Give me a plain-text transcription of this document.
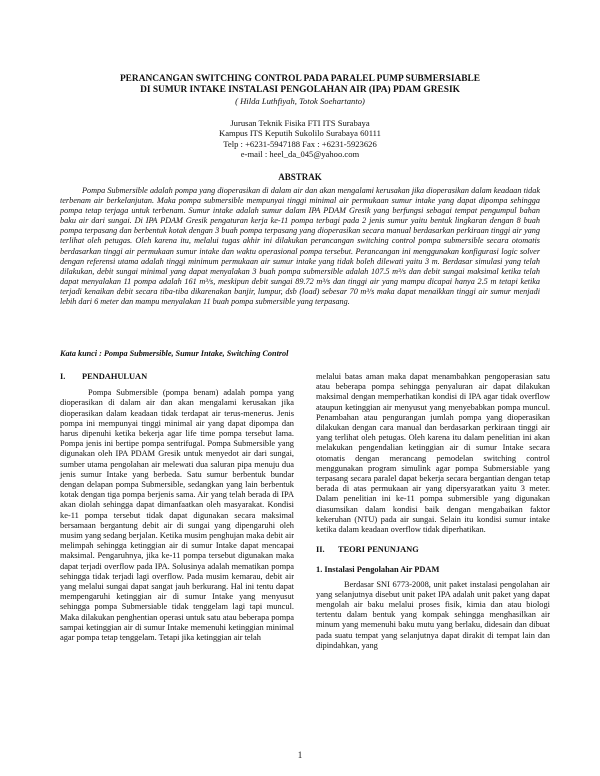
PERANCANGAN SWITCHING CONTROL PADA PARALEL PUMP SUBMERSIABLE
DI SUMUR INTAKE INSTALASI PENGOLAHAN AIR (IPA) PDAM GRESIK
( Hilda Luthfiyah, Totok Soehartanto)
Jurusan Teknik Fisika FTI ITS Surabaya
Kampus ITS Keputih Sukolilo Surabaya 60111
Telp : +6231-5947188 Fax : +6231-5923626
e-mail : heel_da_045@yahoo.com
ABSTRAK

Pompa Submersible adalah pompa yang dioperasikan di dalam air dan akan mengalami kerusakan jika dioperasikan dalam keadaan tidak terbenam air berkelanjutan. Maka pompa submersible mempunyai tinggi minimal air permukaan sumur intake yang dapat dipompa sehingga pompa tetap terjaga untuk terbenam. Sumur intake adalah sumur dalam IPA PDAM Gresik yang berfungsi sebagai tempat pengumpul bahan baku air dari sungai. Di IPA PDAM Gresik pengaturan kerja ke-11 pompa terbagi pada 2 jenis sumur yaitu bentuk lingkaran dengan 8 buah pompa terpasang dan berbentuk kotak dengan 3 buah pompa terpasang yang dioperasikan secara manual berdasarkan perkiraan tinggi air yang terlihat oleh petugas. Oleh karena itu, melalui tugas akhir ini dilakukan perancangan switching control pompa submersible secara otomatis berdasarkan tinggi air permukaan sumur intake dan waktu operasional pompa tersebut. Perancangan ini menggunakan konfigurasi logic solver dengan referensi utama adalah tinggi minimum permukaan air sumur intake yang tidak boleh dilewati yaitu 3 m. Berdasar simulasi yang telah dilakukan, debit sungai minimal yang dapat menyalakan 3 buah pompa submersible adalah 107.5 m³/s dan debit sungai maksimal ketika telah dapat menyalakan 11 pompa adalah 161 m³/s, meskipun debit sungai 89.72 m³/s dan tinggi air yang mampu dicapai hanya 2.5 m tetapi ketika terjadi kenaikan debit secara tiba-tiba dikarenakan banjir, lumpur, dsb (load) sebesar 70 m³/s maka dapat menaikkan tinggi air sumur menjadi lebih dari 6 meter dan mampu menyalakan 11 buah pompa submersible yang terpasang.

Kata kunci : Pompa Submersible, Sumur Intake, Switching Control
I. PENDAHULUAN

Pompa Submersible (pompa benam) adalah pompa yang dioperasikan di dalam air dan akan mengalami kerusakan jika dioperasikan dalam keadaan tidak terdapat air terus-menerus. Jenis pompa ini mempunyai tinggi minimal air yang dapat dipompa dan harus dipenuhi ketika bekerja agar life time pompa tersebut lama. Pompa jenis ini bertipe pompa sentrifugal. Pompa Submersible yang digunakan oleh IPA PDAM Gresik untuk menyedot air dari sungai, sumber utama pengolahan air melewati dua saluran pipa menuju dua jenis sumur Intake yang berbeda. Satu sumur berbentuk bundar dengan delapan pompa Submersible, sedangkan yang lain berbentuk kotak dengan tiga pompa berjenis sama. Air yang telah berada di IPA akan diolah sehingga dapat dimanfaatkan oleh masyarakat. Kondisi ke-11 pompa tersebut tidak dapat digunakan secara maksimal bersamaan bergantung debit air di sungai yang dipengaruhi oleh musim yang sedang berjalan. Ketika musim penghujan maka debit air melimpah sehingga ketinggian air di sumur Intake dapat mencapai maksimal. Pengaruhnya, jika ke-11 pompa tersebut digunakan maka dapat terjadi overflow pada IPA. Solusinya adalah mematikan pompa sehingga tidak terjadi lagi overflow. Pada musim kemarau, debit air yang melalui sungai dapat sangat jauh berkurang. Hal ini tentu dapat mempengaruhi ketinggian air di sumur Intake yang menyusut sehingga pompa Submersiable tidak tenggelam lagi tapi muncul. Maka dilakukan penghentian operasi untuk satu atau beberapa pompa sampai ketinggian air di sumur Intake memenuhi ketinggian minimal agar pompa tetap tenggelam. Tetapi jika ketinggian air telah

melalui batas aman maka dapat menambahkan pengoperasian satu atau beberapa pompa sehingga penyaluran air dapat dilakukan maksimal dengan memperhatikan kondisi di IPA agar tidak overflow ataupun ketinggian air menyusut yang menyebabkan pompa muncul. Penambahan atau pengurangan jumlah pompa yang dioperasikan dilakukan dengan cara manual dan berdasarkan perkiraan tinggi air yang terlihat oleh petugas. Oleh karena itu dalam penelitian ini akan melakukan pengendalian ketinggian air di sumur Intake secara otomatis dengan merancang pemodelan switching control menggunakan program simulink agar pompa Submersiable yang terpasang secara paralel dapat bekerja secara bergantian dengan tetap berada di atas permukaan air yang dipersyaratkan yaitu 3 meter. Dalam penelitian ini ke-11 pompa submersible yang digunakan diasumsikan dalam kondisi baik dengan mengabaikan faktor kekeruhan (NTU) pada air sungai. Selain itu kondisi sumur intake ketika dalam keadaan overflow tidak diperhatikan.

II. TEORI PENUNJANG
1. Instalasi Pengolahan Air PDAM

Berdasar SNI 6773-2008, unit paket instalasi pengolahan air yang selanjutnya disebut unit paket IPA adalah unit paket yang dapat mengolah air baku melalui proses fisik, kimia dan atau biologi tertentu dalam bentuk yang kompak sehingga menghasilkan air minum yang memenuhi baku mutu yang berlaku, didesain dan dibuat pada suatu tempat yang selanjutnya dapat dirakit di tempat lain dan dipindahkan, yang

1
